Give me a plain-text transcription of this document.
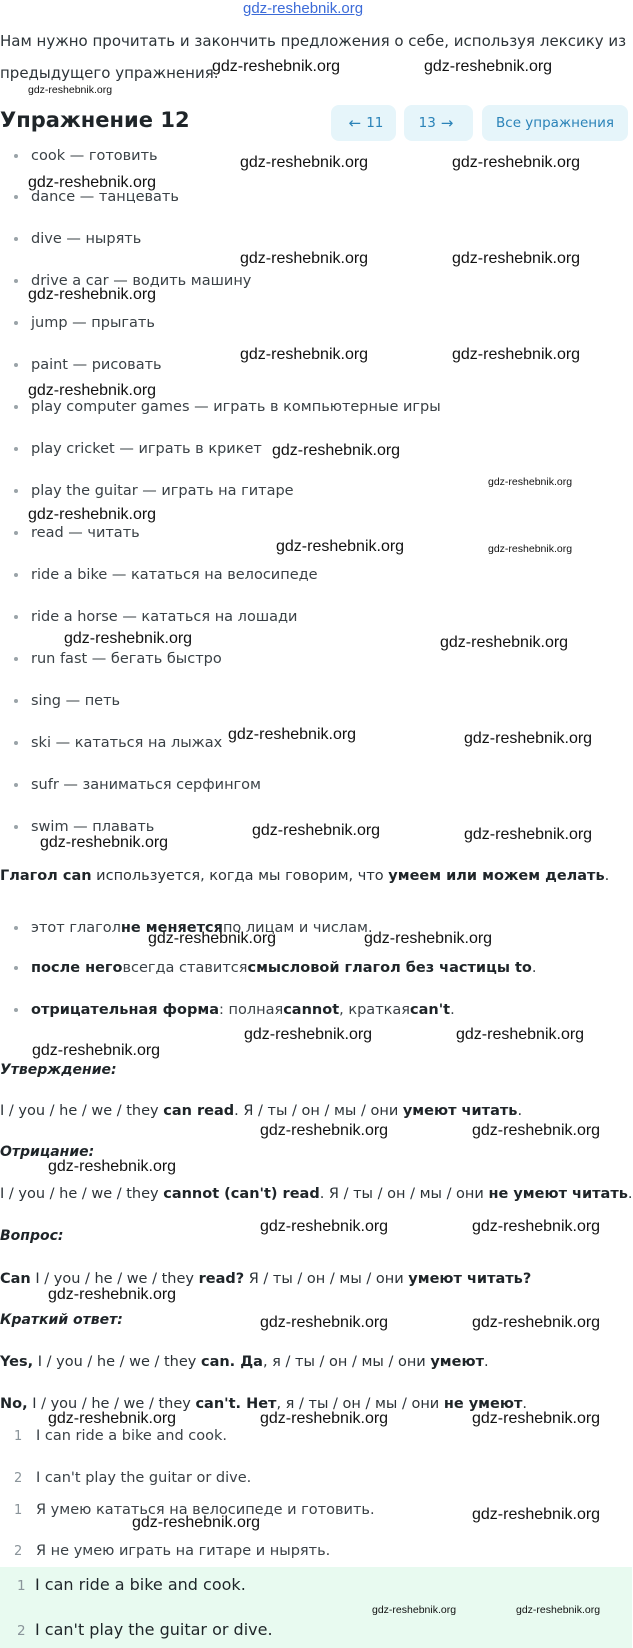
gdz-reshebnik.org
Нам нужно прочитать и закончить предложения о себе, используя лексику из
предыдущего упражнения.
Упражнение 12	← 11	13 →	Все упражнения
cook — готовить
dance — танцевать
dive — нырять
drive a car — водить машину
jump — прыгать
paint — рисовать
play computer games — играть в компьютерные игры
play cricket — играть в крикет
play the guitar — играть на гитаре
read — читать
ride a bike — кататься на велосипеде
ride a horse — кататься на лошади
run fast — бегать быстро
sing — петь
ski — кататься на лыжах
sufr — заниматься серфингом
swim — плавать
Глагол can используется, когда мы говорим, что умеем или можем делать.
этот глагол не меняется по лицам и числам.
после него всегда ставится смысловой глагол без частицы to .
отрицательная форма : полная cannot , краткая can't .
Утверждение:
I / you / he / we / they can read. Я / ты / он / мы / они умеют читать.
Отрицание:
I / you / he / we / they cannot (can't) read. Я / ты / он / мы / они не умеют читать.
Вопрос:
Can I / you / he / we / they read? Я / ты / он / мы / они умеют читать?
Краткий ответ:
Yes, I / you / he / we / they can. Да, я / ты / он / мы / они умеют.
No, I / you / he / we / they can't. Нет, я / ты / он / мы / они не умеют.
1 I can ride a bike and cook.
2 I can't play the guitar or dive.
1 Я умею кататься на велосипеде и готовить.
2 Я не умею играть на гитаре и нырять.
1 I can ride a bike and cook.
2 I can't play the guitar or dive.
gdz-reshebnik.org	gdz-reshebnik.org
gdz-reshebnik.org
gdz-reshebnik.org	gdz-reshebnik.org
gdz-reshebnik.org
gdz-reshebnik.org	gdz-reshebnik.org
gdz-reshebnik.org
gdz-reshebnik.org	gdz-reshebnik.org
gdz-reshebnik.org
gdz-reshebnik.org
gdz-reshebnik.org
gdz-reshebnik.org
gdz-reshebnik.org	gdz-reshebnik.org
gdz-reshebnik.org	gdz-reshebnik.org
gdz-reshebnik.org	gdz-reshebnik.org
gdz-reshebnik.org	gdz-reshebnik.org
gdz-reshebnik.org
gdz-reshebnik.org	gdz-reshebnik.org
gdz-reshebnik.org	gdz-reshebnik.org
gdz-reshebnik.org
gdz-reshebnik.org	gdz-reshebnik.org
gdz-reshebnik.org
gdz-reshebnik.org	gdz-reshebnik.org
gdz-reshebnik.org
gdz-reshebnik.org	gdz-reshebnik.org
gdz-reshebnik.org	gdz-reshebnik.org	gdz-reshebnik.org
gdz-reshebnik.org	gdz-reshebnik.org
gdz-reshebnik.org	gdz-reshebnik.org
